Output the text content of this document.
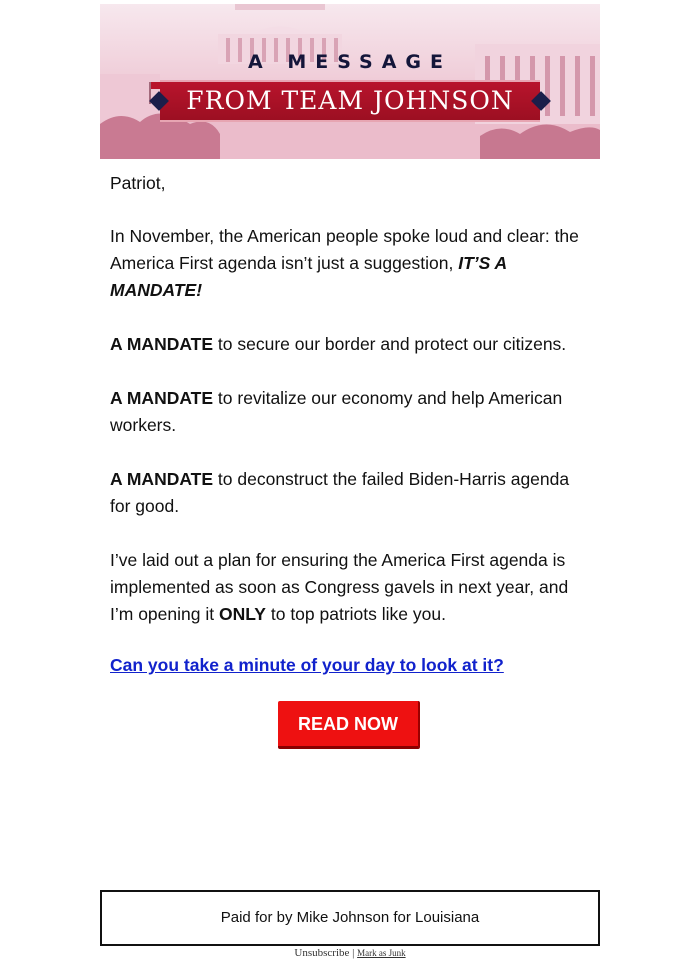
A MESSAGE
FROM TEAM JOHNSON
Patriot,
In November, the American people spoke loud and clear: the America First agenda isn’t just a suggestion, IT’S A MANDATE!
A MANDATE to secure our border and protect our citizens.
A MANDATE to revitalize our economy and help American workers.
A MANDATE to deconstruct the failed Biden-Harris agenda for good.
I’ve laid out a plan for ensuring the America First agenda is implemented as soon as Congress gavels in next year, and I’m opening it ONLY to top patriots like you.
Can you take a minute of your day to look at it?
READ NOW
Paid for by Mike Johnson for Louisiana
Unsubscribe | Mark as Junk
